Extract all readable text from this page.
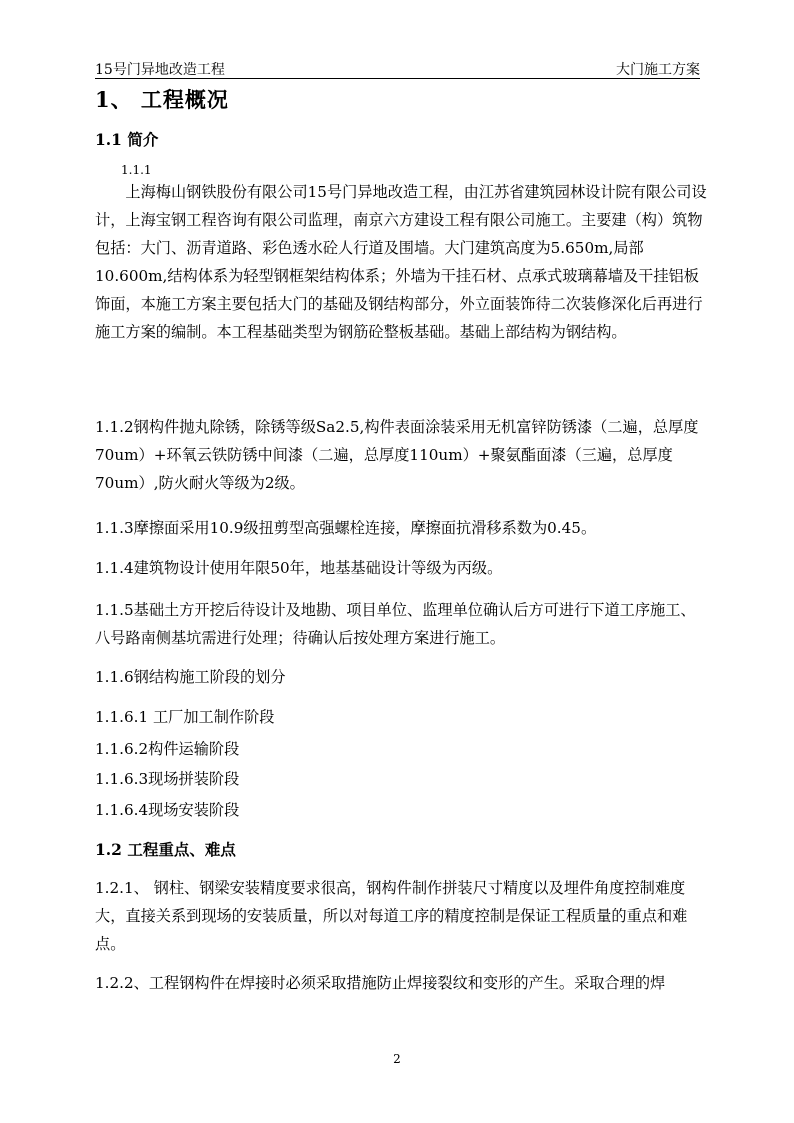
15号门异地改造工程	大门施工方案
1、 工程概况
1.1 简介
1.1.1
　　上海梅山钢铁股份有限公司15号门异地改造工程，由江苏省建筑园林设计院有限公司设计，上海宝钢工程咨询有限公司监理，南京六方建设工程有限公司施工。主要建（构）筑物包括：大门、沥青道路、彩色透水砼人行道及围墙。大门建筑高度为5.650m,局部10.600m,结构体系为轻型钢框架结构体系；外墙为干挂石材、点承式玻璃幕墙及干挂铝板饰面，本施工方案主要包括大门的基础及钢结构部分，外立面装饰待二次装修深化后再进行施工方案的编制。本工程基础类型为钢筋砼整板基础。基础上部结构为钢结构。
1.1.2钢构件抛丸除锈，除锈等级Sa2.5,构件表面涂装采用无机富锌防锈漆（二遍，总厚度70um）+环氧云铁防锈中间漆（二遍，总厚度110um）+聚氨酯面漆（三遍，总厚度70um）,防火耐火等级为2级。
1.1.3摩擦面采用10.9级扭剪型高强螺栓连接，摩擦面抗滑移系数为0.45。
1.1.4建筑物设计使用年限50年，地基基础设计等级为丙级。
1.1.5基础土方开挖后待设计及地勘、项目单位、监理单位确认后方可进行下道工序施工、八号路南侧基坑需进行处理；待确认后按处理方案进行施工。
1.1.6钢结构施工阶段的划分
1.1.6.1 工厂加工制作阶段
1.1.6.2构件运输阶段
1.1.6.3现场拼装阶段
1.1.6.4现场安装阶段
1.2 工程重点、难点
1.2.1、 钢柱、钢梁安装精度要求很高，钢构件制作拼装尺寸精度以及埋件角度控制难度大，直接关系到现场的安装质量，所以对每道工序的精度控制是保证工程质量的重点和难点。
1.2.2、工程钢构件在焊接时必须采取措施防止焊接裂纹和变形的产生。采取合理的焊
2
